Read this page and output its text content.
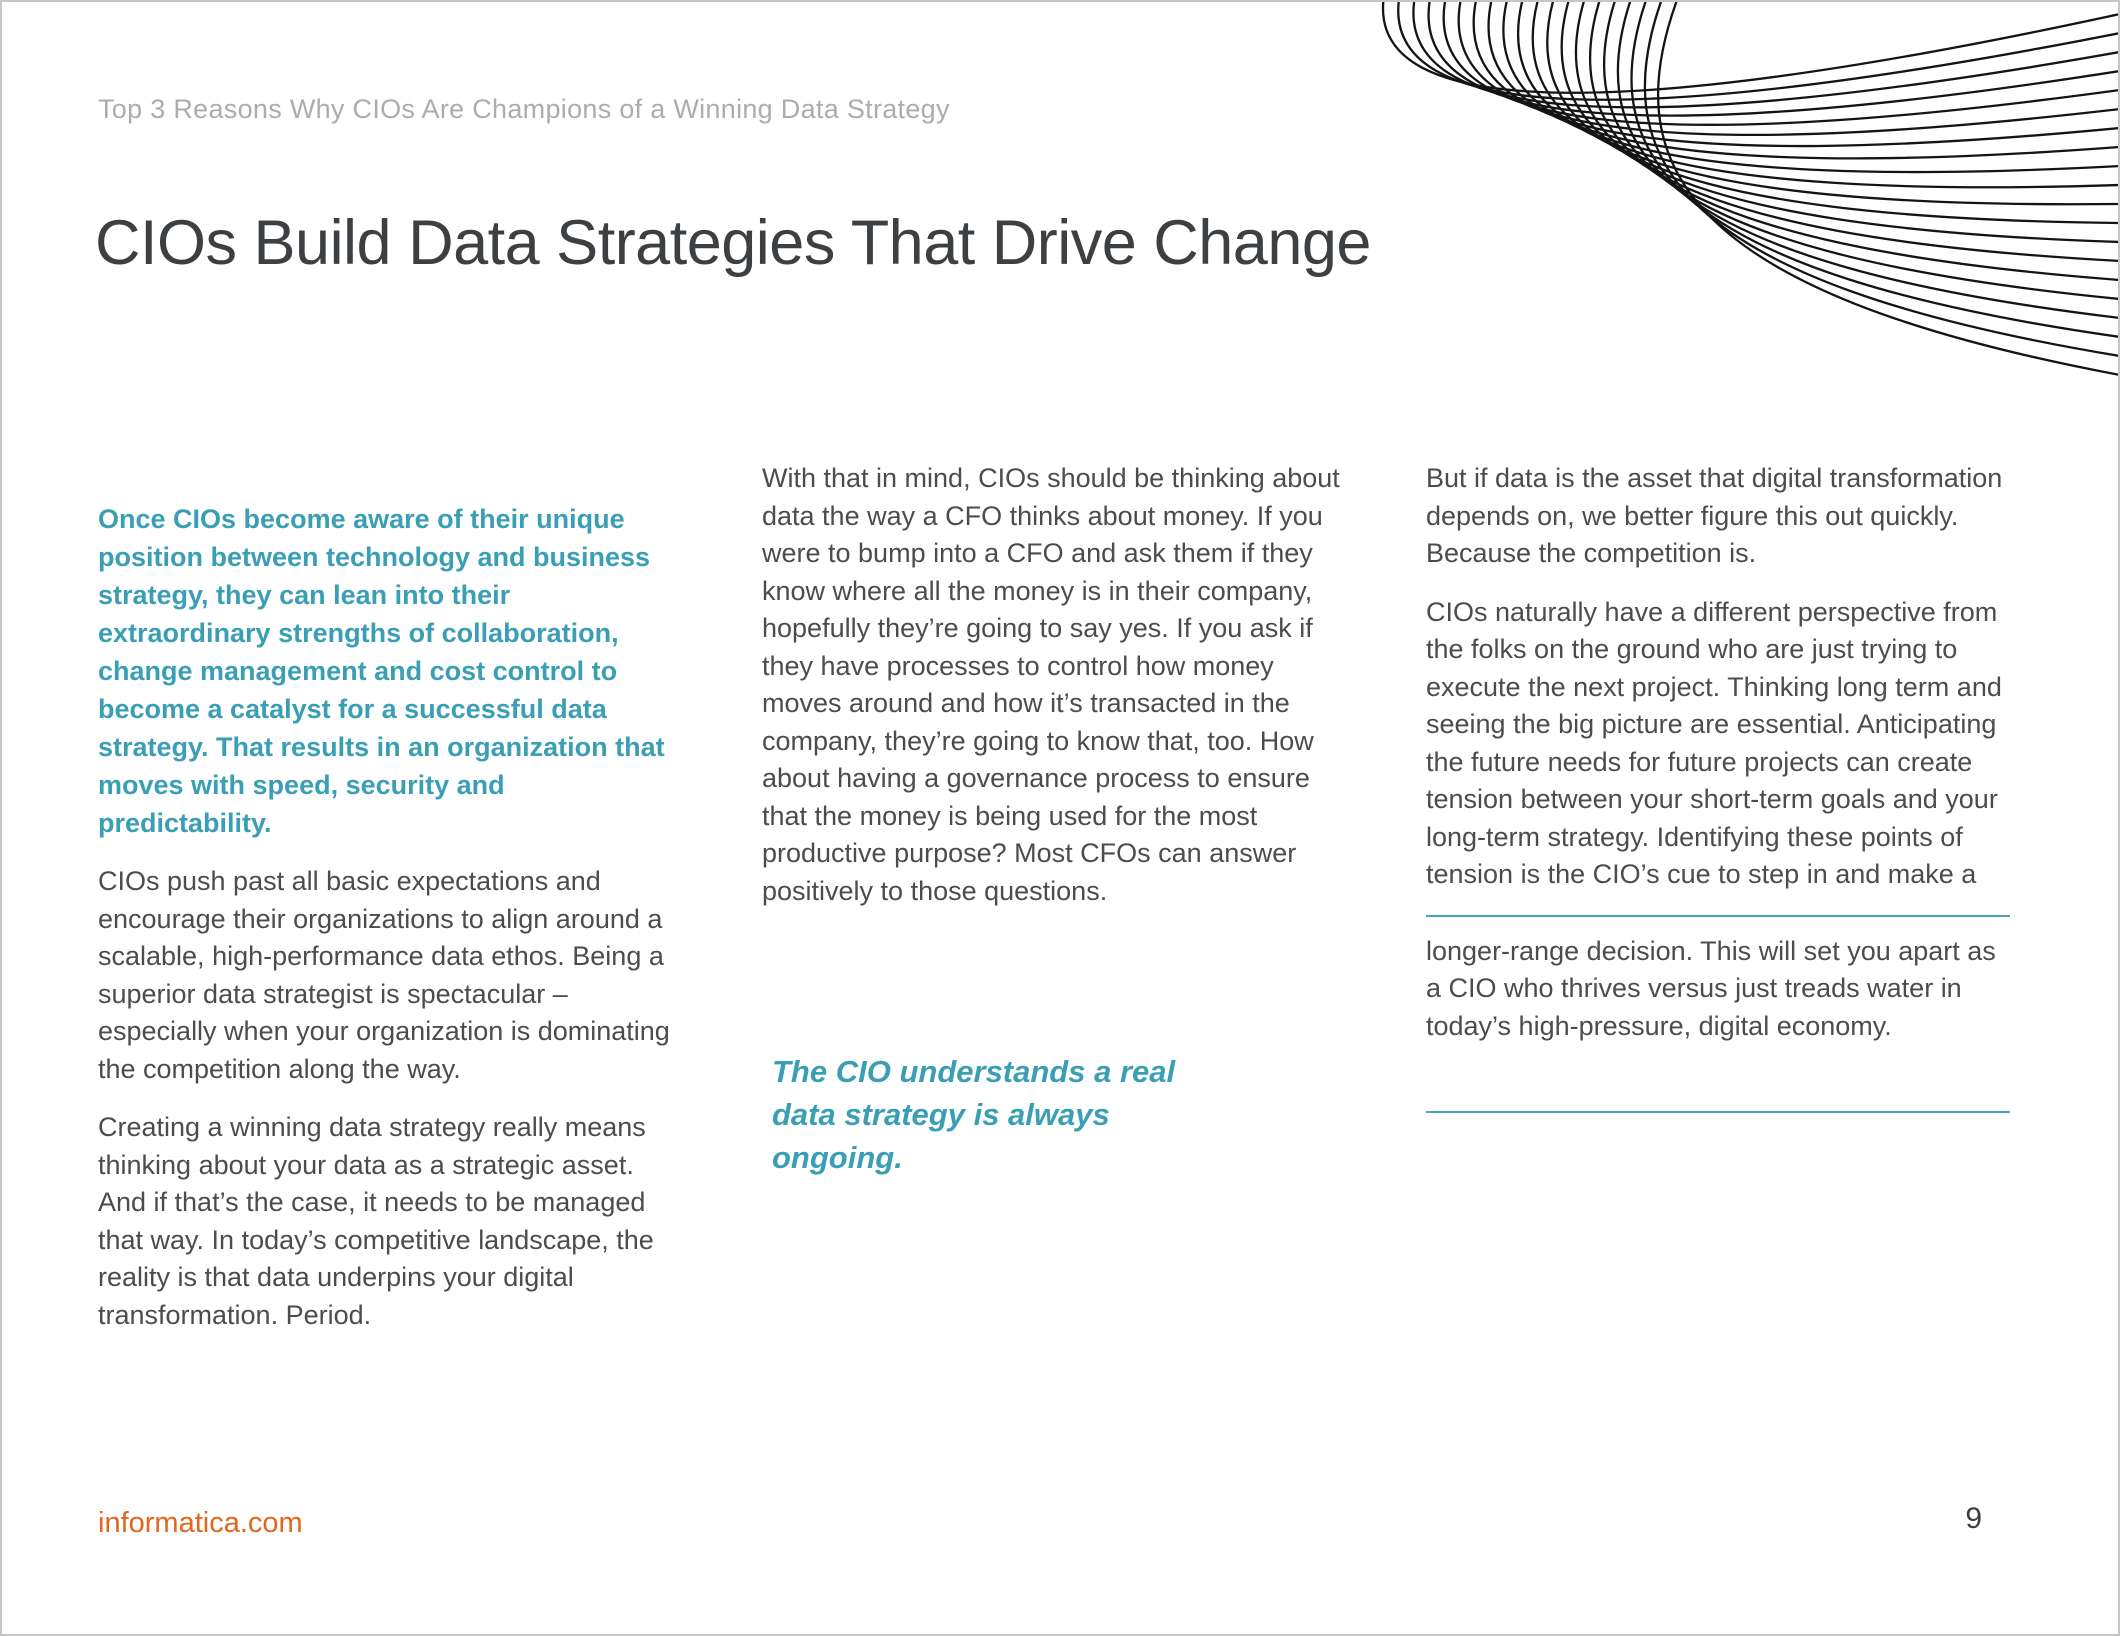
Top 3 Reasons Why CIOs Are Champions of a Winning Data Strategy
CIOs Build Data Strategies That Drive Change

Once CIOs become aware of their unique position between technology and business strategy, they can lean into their extraordinary strengths of collaboration, change management and cost control to become a catalyst for a successful data strategy. That results in an organization that moves with speed, security and predictability.

CIOs push past all basic expectations and encourage their organizations to align around a scalable, high-performance data ethos. Being a superior data strategist is spectacular – especially when your organization is dominating the competition along the way.

Creating a winning data strategy really means thinking about your data as a strategic asset. And if that’s the case, it needs to be managed that way. In today’s competitive landscape, the reality is that data underpins your digital transformation. Period.

With that in mind, CIOs should be thinking about data the way a CFO thinks about money. If you were to bump into a CFO and ask them if they know where all the money is in their company, hopefully they’re going to say yes. If you ask if they have processes to control how money moves around and how it’s transacted in the company, they’re going to know that, too. How about having a governance process to ensure that the money is being used for the most productive purpose? Most CFOs can answer positively to those questions.

The CIO understands a real
data strategy is always ongoing.

But if data is the asset that digital transformation depends on, we better figure this out quickly. Because the competition is.

CIOs naturally have a different perspective from the folks on the ground who are just trying to execute the next project. Thinking long term and seeing the big picture are essential. Anticipating the future needs for future projects can create tension between your short-term goals and your long-term strategy. Identifying these points of tension is the CIO’s cue to step in and make a

longer-range decision. This will set you apart as a CIO who thrives versus just treads water in today’s high-pressure, digital economy.

informatica.com	9
